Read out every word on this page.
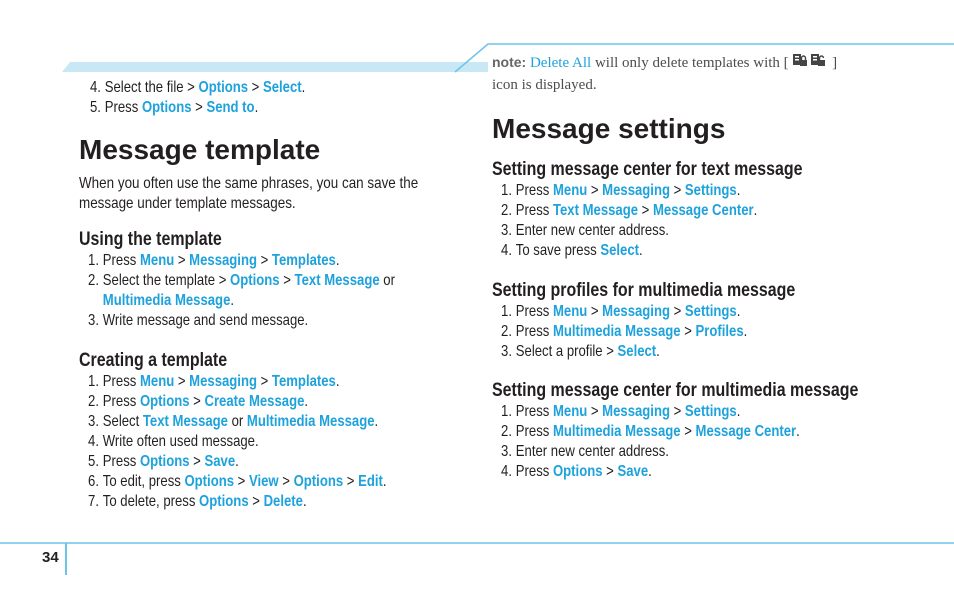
note: Delete All will only delete templates with [  ]
icon is displayed.
4. Select the file > Options > Select.
5. Press Options > Send to.
Message template
When you often use the same phrases, you can save the
message under template messages.
Using the template
1. Press Menu > Messaging > Templates.
2. Select the template > Options > Text Message or
Multimedia Message.
3. Write message and send message.
Creating a template
1. Press Menu > Messaging > Templates.
2. Press Options > Create Message.
3. Select Text Message or Multimedia Message.
4. Write often used message.
5. Press Options > Save.
6. To edit, press Options > View > Options > Edit.
7. To delete, press Options > Delete.
Message settings
Setting message center for text message
1. Press Menu > Messaging > Settings.
2. Press Text Message > Message Center.
3. Enter new center address.
4. To save press Select.
Setting profiles for multimedia message
1. Press Menu > Messaging > Settings.
2. Press Multimedia Message > Profiles.
3. Select a profile > Select.
Setting message center for multimedia message
1. Press Menu > Messaging > Settings.
2. Press Multimedia Message > Message Center.
3. Enter new center address.
4. Press Options > Save.
34
